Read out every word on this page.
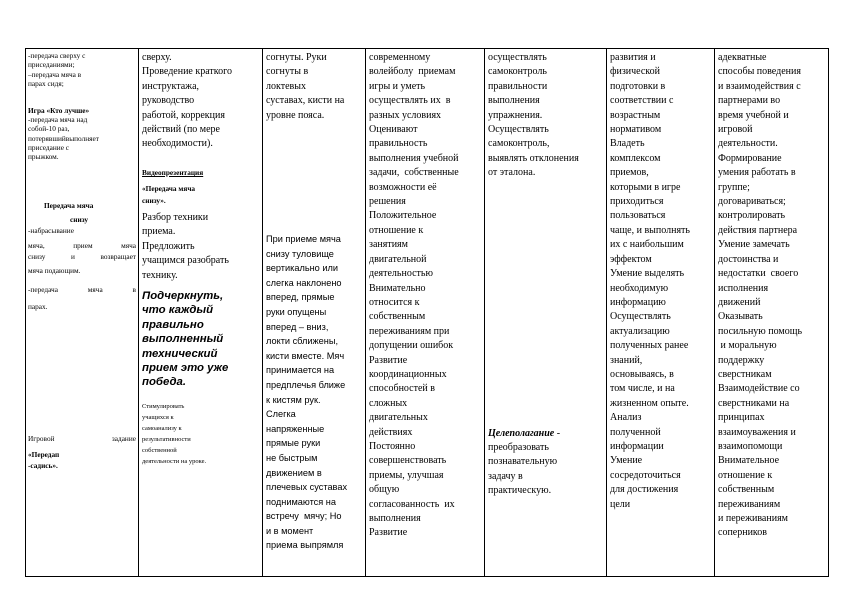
-передача сверху с
приседаниями;
–передача мяча в
парах сидя;

Игра «Кто лучше»

-передача мяча над
собой-10 раз,
потерявшийвыполняет
приседание с
прыжком.

Передача мяча

снизу

-набрасывание

мяча, прием мяча

снизу и возвращает

мяча подающим.

-передача мяча в

парах.

Игровой задание

«Передап
-садись».

сверху.
Проведение краткого
инструктажа,
руководство
работой, коррекция
действий (по мере
необходимости).

Видеопрезентация

«Передача мяча
снизу».

Разбор техники
приема.
Предложить
учащимся разобрать
технику.

Подчеркнуть,
что каждый
правильно
выполненный
технический
прием это уже
победа.

Стимулировать
учащихся к
самоанализу к
результативности
собственной
деятельности на уроке.

согнуты. Руки
согнуты в
локтевых
суставах, кисти на
уровне пояса.

При приеме мяча
снизу туловище
вертикально или
слегка наклонено
вперед, прямые
руки опущены
вперед – вниз,
локти сближены,
кисти вместе. Мяч
принимается на
предплечья ближе
к кистям рук.
Слегка
напряженные
прямые руки
не быстрым
движением в
плечевых суставах
поднимаются на
встречу  мячу; Но
и в момент
приема выпрямля

современному
волейболу  приемам
игры и уметь
осуществлять их  в
разных условиях
Оценивают
правильность
выполнения учебной
задачи,  собственные
возможности её
решения
Положительное
отношение к
занятиям
двигательной
деятельностью
Внимательно
относится к
собственным
переживаниям при
допущении ошибок
Развитие
координационных
способностей в
сложных
двигательных
действиях
Постоянно
совершенствовать
приемы, улучшая
общую
согласованность  их
выполнения
Развитие

осуществлять
самоконтроль
правильности
выполнения
упражнения.
Осуществлять
самоконтроль,
выявлять отклонения
от эталона.

Целеполагание -

преобразовать
познавательную
задачу в
практическую.

развития и
физической
подготовки в
соответствии с
возрастным
нормативом
Владеть
комплексом
приемов,
которыми в игре
приходиться
пользоваться
чаще, и выполнять
их с наибольшим
эффектом
Умение выделять
необходимую
информацию
Осуществлять
актуализацию
полученных ранее
знаний,
основываясь, в
том числе, и на
жизненном опыте.
Анализ
полученной
информации
Умение
сосредоточиться
для достижения
цели

адекватные
способы поведения
и взаимодействия с
партнерами во
время учебной и
игровой
деятельности.
Формирование
умения работать в
группе;
договариваться;
контролировать
действия партнера
Умение замечать
достоинства и
недостатки  своего
исполнения
движений
Оказывать
посильную помощь
и моральную
поддержку
сверстникам
Взаимодействие со
сверстниками на
принципах
взаимоуважения и
взаимопомощи
Внимательное
отношение к
собственным
переживаниям
и переживаниям
соперников
